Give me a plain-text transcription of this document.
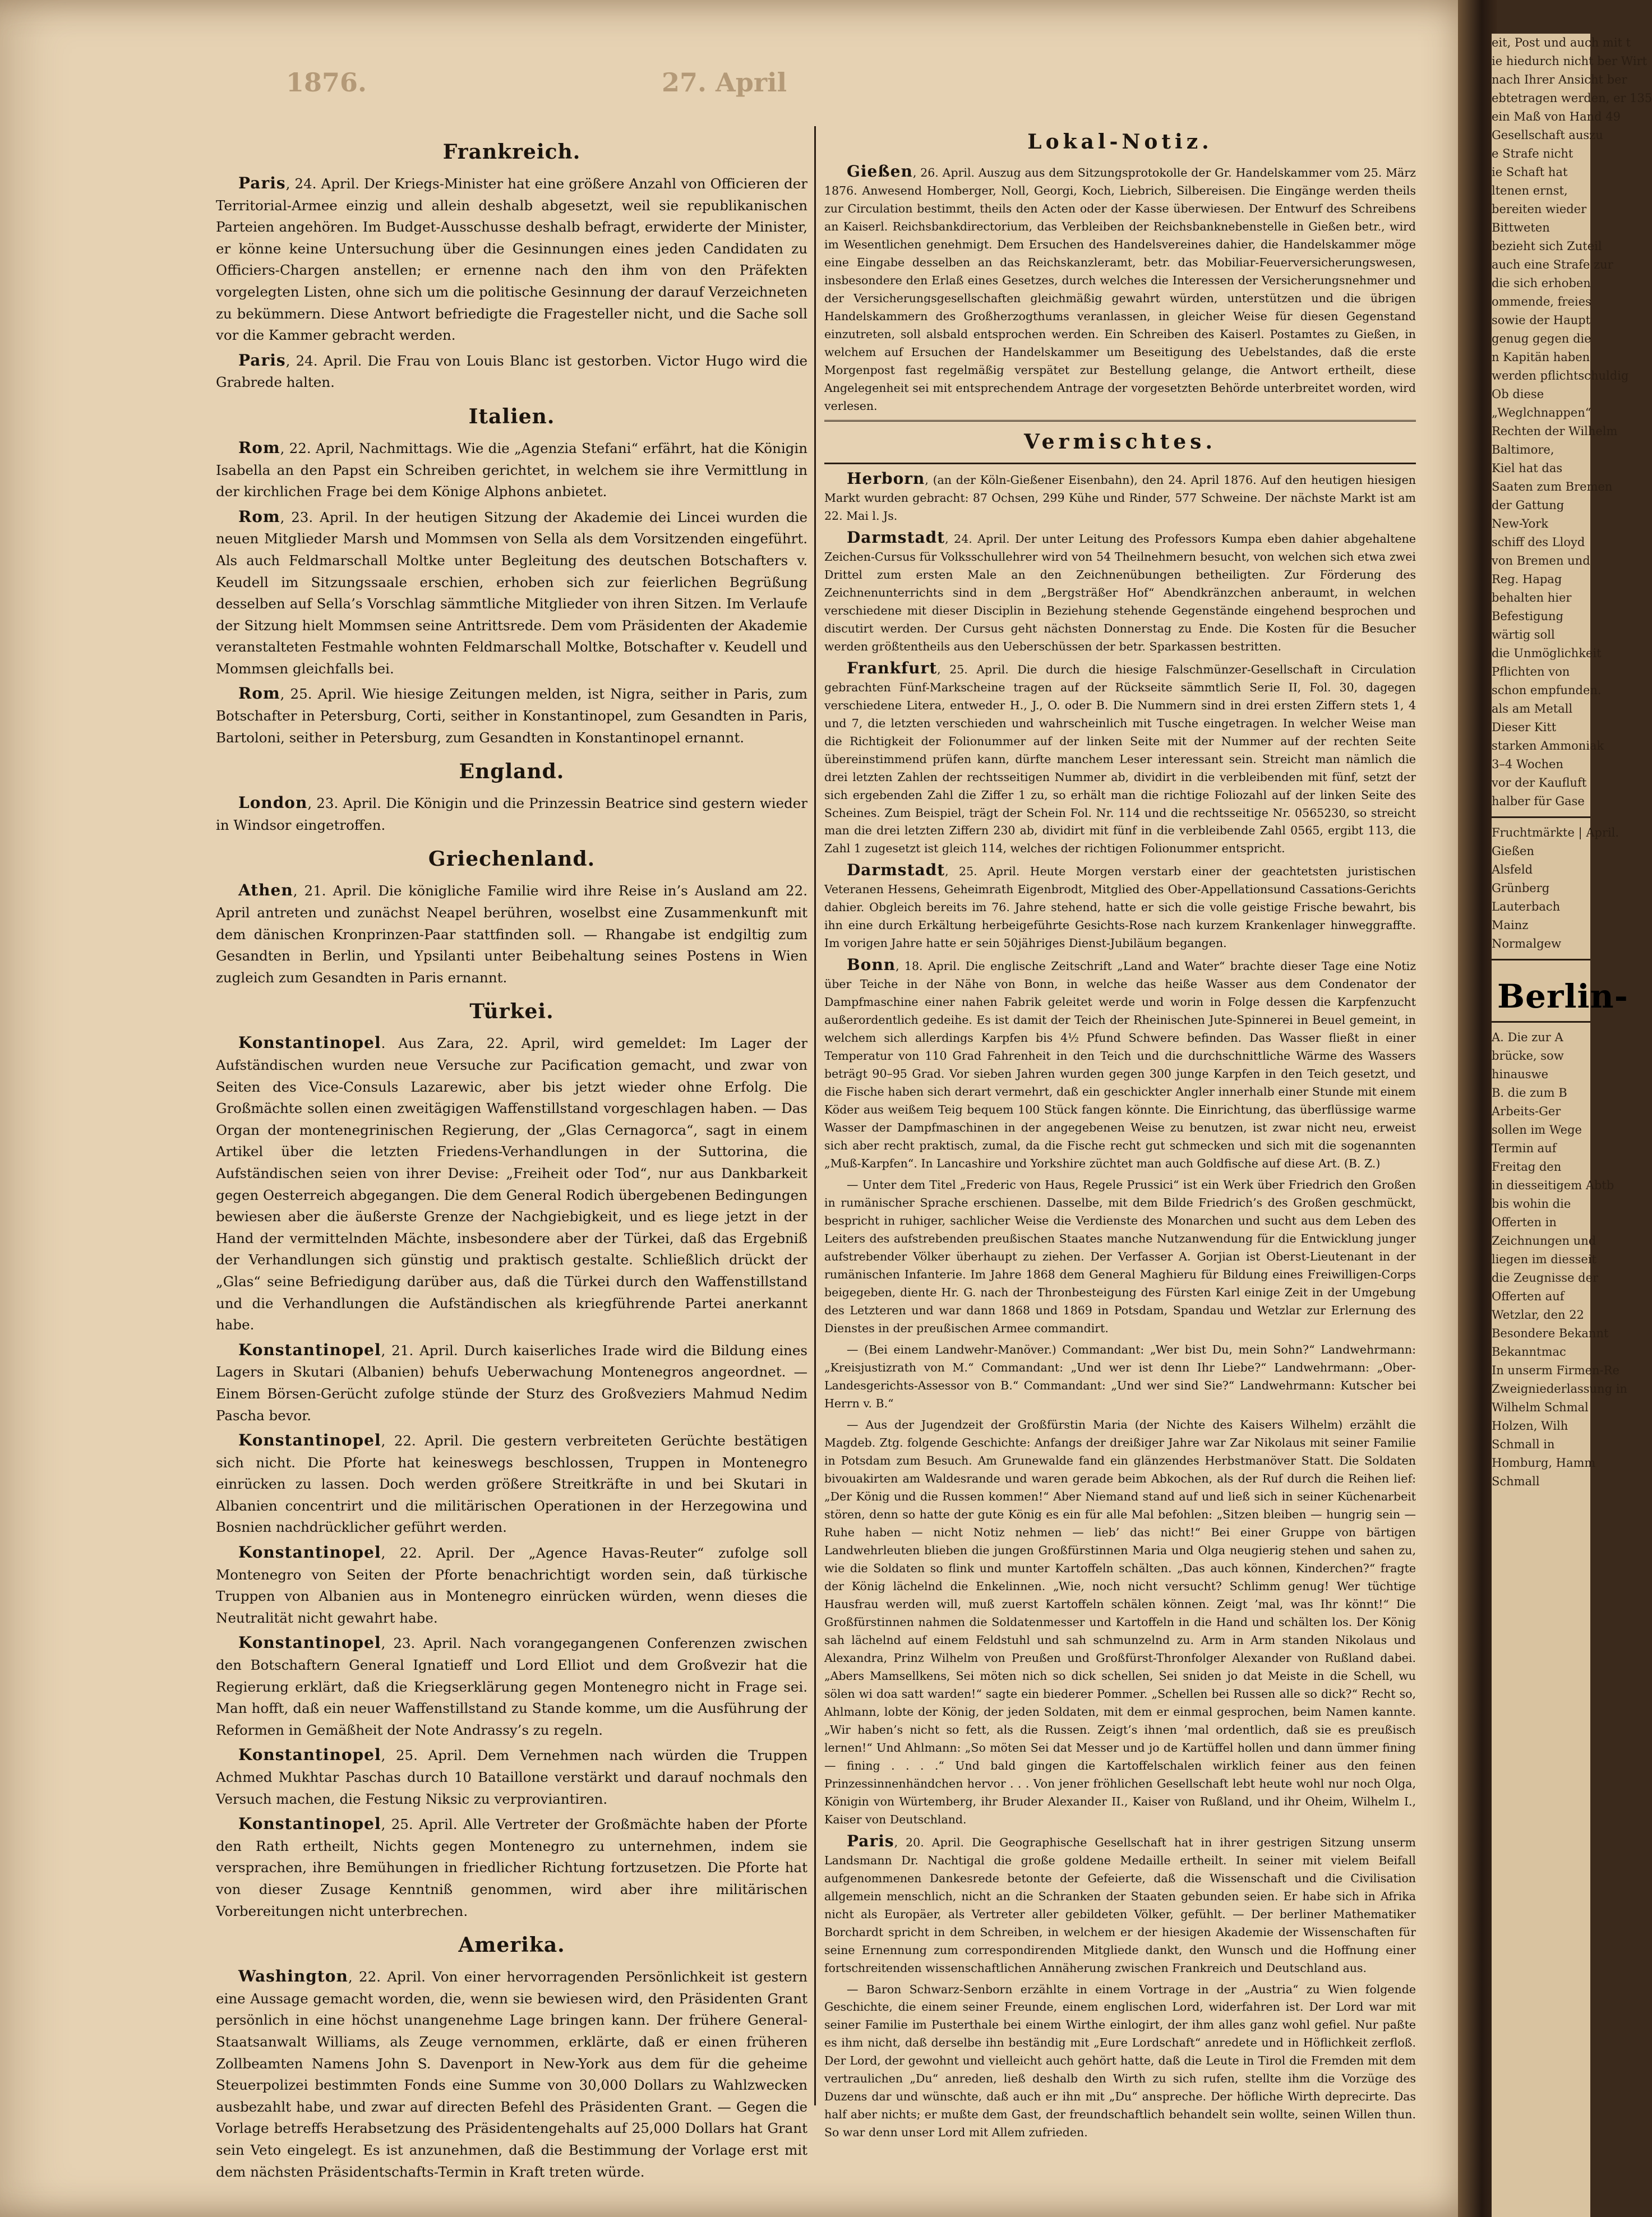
1876.	27. April
Frankreich.

Paris, 24. April. Der Kriegs-Minister hat eine größere Anzahl von Officieren der Territorial-Armee einzig und allein deshalb abgesetzt, weil sie republikanischen Parteien angehören. Im Budget-Ausschusse deshalb befragt, erwiderte der Minister, er könne keine Untersuchung über die Gesinnungen eines jeden Candidaten zu Officiers-Chargen anstellen; er ernenne nach den ihm von den Präfekten vorgelegten Listen, ohne sich um die politische Gesinnung der darauf Verzeichneten zu bekümmern. Diese Antwort befriedigte die Fragesteller nicht, und die Sache soll vor die Kammer gebracht werden.

Paris, 24. April. Die Frau von Louis Blanc ist gestorben. Victor Hugo wird die Grabrede halten.

Italien.

Rom, 22. April, Nachmittags. Wie die „Agenzia Stefani“ erfährt, hat die Königin Isabella an den Papst ein Schreiben gerichtet, in welchem sie ihre Vermittlung in der kirchlichen Frage bei dem Könige Alphons anbietet.

Rom, 23. April. In der heutigen Sitzung der Akademie dei Lincei wurden die neuen Mitglieder Marsh und Mommsen von Sella als dem Vorsitzenden eingeführt. Als auch Feldmarschall Moltke unter Begleitung des deutschen Botschafters v. Keudell im Sitzungssaale erschien, erhoben sich zur feierlichen Begrüßung desselben auf Sella’s Vorschlag sämmtliche Mitglieder von ihren Sitzen. Im Verlaufe der Sitzung hielt Mommsen seine Antrittsrede. Dem vom Präsidenten der Akademie veranstalteten Festmahle wohnten Feldmarschall Moltke, Botschafter v. Keudell und Mommsen gleichfalls bei.

Rom, 25. April. Wie hiesige Zeitungen melden, ist Nigra, seither in Paris, zum Botschafter in Petersburg, Corti, seither in Konstantinopel, zum Gesandten in Paris, Bartoloni, seither in Petersburg, zum Gesandten in Konstantinopel ernannt.

England.

London, 23. April. Die Königin und die Prinzessin Beatrice sind gestern wieder in Windsor eingetroffen.

Griechenland.

Athen, 21. April. Die königliche Familie wird ihre Reise in’s Ausland am 22. April antreten und zunächst Neapel berühren, woselbst eine Zusammenkunft mit dem dänischen Kronprinzen-Paar stattfinden soll. — Rhangabe ist endgiltig zum Gesandten in Berlin, und Ypsilanti unter Beibehaltung seines Postens in Wien zugleich zum Gesandten in Paris ernannt.

Türkei.

Konstantinopel. Aus Zara, 22. April, wird gemeldet: Im Lager der Aufständischen wurden neue Versuche zur Pacification gemacht, und zwar von Seiten des Vice-Consuls Lazarewic, aber bis jetzt wieder ohne Erfolg. Die Großmächte sollen einen zweitägigen Waffenstillstand vorgeschlagen haben. — Das Organ der montenegrinischen Regierung, der „Glas Cernagorca“, sagt in einem Artikel über die letzten Friedens-Verhandlungen in der Suttorina, die Aufständischen seien von ihrer Devise: „Freiheit oder Tod“, nur aus Dankbarkeit gegen Oesterreich abgegangen. Die dem General Rodich übergebenen Bedingungen bewiesen aber die äußerste Grenze der Nachgiebigkeit, und es liege jetzt in der Hand der vermittelnden Mächte, insbesondere aber der Türkei, daß das Ergebniß der Verhandlungen sich günstig und praktisch gestalte. Schließlich drückt der „Glas“ seine Befriedigung darüber aus, daß die Türkei durch den Waffenstillstand und die Verhandlungen die Aufständischen als kriegführende Partei anerkannt habe.

Konstantinopel, 21. April. Durch kaiserliches Irade wird die Bildung eines Lagers in Skutari (Albanien) behufs Ueberwachung Montenegros angeordnet. — Einem Börsen-Gerücht zufolge stünde der Sturz des Großveziers Mahmud Nedim Pascha bevor.

Konstantinopel, 22. April. Die gestern verbreiteten Gerüchte bestätigen sich nicht. Die Pforte hat keineswegs beschlossen, Truppen in Montenegro einrücken zu lassen. Doch werden größere Streitkräfte in und bei Skutari in Albanien concentrirt und die militärischen Operationen in der Herzegowina und Bosnien nachdrücklicher geführt werden.

Konstantinopel, 22. April. Der „Agence Havas-Reuter“ zufolge soll Montenegro von Seiten der Pforte benachrichtigt worden sein, daß türkische Truppen von Albanien aus in Montenegro einrücken würden, wenn dieses die Neutralität nicht gewahrt habe.

Konstantinopel, 23. April. Nach vorangegangenen Conferenzen zwischen den Botschaftern General Ignatieff und Lord Elliot und dem Großvezir hat die Regierung erklärt, daß die Kriegserklärung gegen Montenegro nicht in Frage sei. Man hofft, daß ein neuer Waffenstillstand zu Stande komme, um die Ausführung der Reformen in Gemäßheit der Note Andrassy’s zu regeln.

Konstantinopel, 25. April. Dem Vernehmen nach würden die Truppen Achmed Mukhtar Paschas durch 10 Bataillone verstärkt und darauf nochmals den Versuch machen, die Festung Niksic zu verproviantiren.

Konstantinopel, 25. April. Alle Vertreter der Großmächte haben der Pforte den Rath ertheilt, Nichts gegen Montenegro zu unternehmen, indem sie versprachen, ihre Bemühungen in friedlicher Richtung fortzusetzen. Die Pforte hat von dieser Zusage Kenntniß genommen, wird aber ihre militärischen Vorbereitungen nicht unterbrechen.

Amerika.

Washington, 22. April. Von einer hervorragenden Persönlichkeit ist gestern eine Aussage gemacht worden, die, wenn sie bewiesen wird, den Präsidenten Grant persönlich in eine höchst unangenehme Lage bringen kann. Der frühere General-Staatsanwalt Williams, als Zeuge vernommen, erklärte, daß er einen früheren Zollbeamten Namens John S. Davenport in New-York aus dem für die geheime Steuerpolizei bestimmten Fonds eine Summe von 30,000 Dollars zu Wahlzwecken ausbezahlt habe, und zwar auf directen Befehl des Präsidenten Grant. — Gegen die Vorlage betreffs Herabsetzung des Präsidentengehalts auf 25,000 Dollars hat Grant sein Veto eingelegt. Es ist anzunehmen, daß die Bestimmung der Vorlage erst mit dem nächsten Präsidentschafts-Termin in Kraft treten würde.

Lokal-Notiz.

Gießen, 26. April. Auszug aus dem Sitzungsprotokolle der Gr. Handelskammer vom 25. März 1876. Anwesend Homberger, Noll, Georgi, Koch, Liebrich, Silbereisen. Die Eingänge werden theils zur Circulation bestimmt, theils den Acten oder der Kasse überwiesen. Der Entwurf des Schreibens an Kaiserl. Reichsbankdirectorium, das Verbleiben der Reichsbanknebenstelle in Gießen betr., wird im Wesentlichen genehmigt. Dem Ersuchen des Handelsvereines dahier, die Handelskammer möge eine Eingabe desselben an das Reichskanzleramt, betr. das Mobiliar-Feuerversicherungswesen, insbesondere den Erlaß eines Gesetzes, durch welches die Interessen der Versicherungsnehmer und der Versicherungsgesellschaften gleichmäßig gewahrt würden, unterstützen und die übrigen Handelskammern des Großherzogthums veranlassen, in gleicher Weise für diesen Gegenstand einzutreten, soll alsbald entsprochen werden. Ein Schreiben des Kaiserl. Postamtes zu Gießen, in welchem auf Ersuchen der Handelskammer um Beseitigung des Uebelstandes, daß die erste Morgenpost fast regelmäßig verspätet zur Bestellung gelange, die Antwort ertheilt, diese Angelegenheit sei mit entsprechendem Antrage der vorgesetzten Behörde unterbreitet worden, wird verlesen.

Vermischtes.

Herborn, (an der Köln-Gießener Eisenbahn), den 24. April 1876. Auf den heutigen hiesigen Markt wurden gebracht: 87 Ochsen, 299 Kühe und Rinder, 577 Schweine. Der nächste Markt ist am 22. Mai l. Js.

Darmstadt, 24. April. Der unter Leitung des Professors Kumpa eben dahier abgehaltene Zeichen-Cursus für Volksschullehrer wird von 54 Theilnehmern besucht, von welchen sich etwa zwei Drittel zum ersten Male an den Zeichnenübungen betheiligten. Zur Förderung des Zeichnenunterrichts sind in dem „Bergsträßer Hof“ Abendkränzchen anberaumt, in welchen verschiedene mit dieser Disciplin in Beziehung stehende Gegenstände eingehend besprochen und discutirt werden. Der Cursus geht nächsten Donnerstag zu Ende. Die Kosten für die Besucher werden größtentheils aus den Ueberschüssen der betr. Sparkassen bestritten.

Frankfurt, 25. April. Die durch die hiesige Falschmünzer-Gesellschaft in Circulation gebrachten Fünf-Markscheine tragen auf der Rückseite sämmtlich Serie II, Fol. 30, dagegen verschiedene Litera, entweder H., J., O. oder B. Die Nummern sind in drei ersten Ziffern stets 1, 4 und 7, die letzten verschieden und wahrscheinlich mit Tusche eingetragen. In welcher Weise man die Richtigkeit der Folionummer auf der linken Seite mit der Nummer auf der rechten Seite übereinstimmend prüfen kann, dürfte manchem Leser interessant sein. Streicht man nämlich die drei letzten Zahlen der rechtsseitigen Nummer ab, dividirt in die verbleibenden mit fünf, setzt der sich ergebenden Zahl die Ziffer 1 zu, so erhält man die richtige Foliozahl auf der linken Seite des Scheines. Zum Beispiel, trägt der Schein Fol. Nr. 114 und die rechtsseitige Nr. 0565230, so streicht man die drei letzten Ziffern 230 ab, dividirt mit fünf in die verbleibende Zahl 0565, ergibt 113, die Zahl 1 zugesetzt ist gleich 114, welches der richtigen Folionummer entspricht.

Darmstadt, 25. April. Heute Morgen verstarb einer der geachtetsten juristischen Veteranen Hessens, Geheimrath Eigenbrodt, Mitglied des Ober-Appellationsund Cassations-Gerichts dahier. Obgleich bereits im 76. Jahre stehend, hatte er sich die volle geistige Frische bewahrt, bis ihn eine durch Erkältung herbeigeführte Gesichts-Rose nach kurzem Krankenlager hinweggraffte. Im vorigen Jahre hatte er sein 50jähriges Dienst-Jubiläum begangen.

Bonn, 18. April. Die englische Zeitschrift „Land and Water“ brachte dieser Tage eine Notiz über Teiche in der Nähe von Bonn, in welche das heiße Wasser aus dem Condenator der Dampfmaschine einer nahen Fabrik geleitet werde und worin in Folge dessen die Karpfenzucht außerordentlich gedeihe. Es ist damit der Teich der Rheinischen Jute-Spinnerei in Beuel gemeint, in welchem sich allerdings Karpfen bis 4½ Pfund Schwere befinden. Das Wasser fließt in einer Temperatur von 110 Grad Fahrenheit in den Teich und die durchschnittliche Wärme des Wassers beträgt 90–95 Grad. Vor sieben Jahren wurden gegen 300 junge Karpfen in den Teich gesetzt, und die Fische haben sich derart vermehrt, daß ein geschickter Angler innerhalb einer Stunde mit einem Köder aus weißem Teig bequem 100 Stück fangen könnte. Die Einrichtung, das überflüssige warme Wasser der Dampfmaschinen in der angegebenen Weise zu benutzen, ist zwar nicht neu, erweist sich aber recht praktisch, zumal, da die Fische recht gut schmecken und sich mit die sogenannten „Muß-Karpfen“. In Lancashire und Yorkshire züchtet man auch Goldfische auf diese Art. (B. Z.)

— Unter dem Titel „Frederic von Haus, Regele Prussici“ ist ein Werk über Friedrich den Großen in rumänischer Sprache erschienen. Dasselbe, mit dem Bilde Friedrich’s des Großen geschmückt, bespricht in ruhiger, sachlicher Weise die Verdienste des Monarchen und sucht aus dem Leben des Leiters des aufstrebenden preußischen Staates manche Nutzanwendung für die Entwicklung junger aufstrebender Völker überhaupt zu ziehen. Der Verfasser A. Gorjian ist Oberst-Lieutenant in der rumänischen Infanterie. Im Jahre 1868 dem General Maghieru für Bildung eines Freiwilligen-Corps beigegeben, diente Hr. G. nach der Thronbesteigung des Fürsten Karl einige Zeit in der Umgebung des Letzteren und war dann 1868 und 1869 in Potsdam, Spandau und Wetzlar zur Erlernung des Dienstes in der preußischen Armee commandirt.

— (Bei einem Landwehr-Manöver.) Commandant: „Wer bist Du, mein Sohn?“ Landwehrmann: „Kreisjustizrath von M.“ Commandant: „Und wer ist denn Ihr Liebe?“ Landwehrmann: „Ober-Landesgerichts-Assessor von B.“ Commandant: „Und wer sind Sie?“ Landwehrmann: Kutscher bei Herrn v. B.“

— Aus der Jugendzeit der Großfürstin Maria (der Nichte des Kaisers Wilhelm) erzählt die Magdeb. Ztg. folgende Geschichte: Anfangs der dreißiger Jahre war Zar Nikolaus mit seiner Familie in Potsdam zum Besuch. Am Grunewalde fand ein glänzendes Herbstmanöver Statt. Die Soldaten bivouakirten am Waldesrande und waren gerade beim Abkochen, als der Ruf durch die Reihen lief: „Der König und die Russen kommen!“ Aber Niemand stand auf und ließ sich in seiner Küchenarbeit stören, denn so hatte der gute König es ein für alle Mal befohlen: „Sitzen bleiben — hungrig sein — Ruhe haben — nicht Notiz nehmen — lieb’ das nicht!“ Bei einer Gruppe von bärtigen Landwehrleuten blieben die jungen Großfürstinnen Maria und Olga neugierig stehen und sahen zu, wie die Soldaten so flink und munter Kartoffeln schälten. „Das auch können, Kinderchen?“ fragte der König lächelnd die Enkelinnen. „Wie, noch nicht versucht? Schlimm genug! Wer tüchtige Hausfrau werden will, muß zuerst Kartoffeln schälen können. Zeigt ’mal, was Ihr könnt!“ Die Großfürstinnen nahmen die Soldatenmesser und Kartoffeln in die Hand und schälten los. Der König sah lächelnd auf einem Feldstuhl und sah schmunzelnd zu. Arm in Arm standen Nikolaus und Alexandra, Prinz Wilhelm von Preußen und Großfürst-Thronfolger Alexander von Rußland dabei. „Abers Mamsellkens, Sei möten nich so dick schellen, Sei sniden jo dat Meiste in die Schell, wu sölen wi doa satt warden!“ sagte ein biederer Pommer. „Schellen bei Russen alle so dick?“ Recht so, Ahlmann, lobte der König, der jeden Soldaten, mit dem er einmal gesprochen, beim Namen kannte. „Wir haben’s nicht so fett, als die Russen. Zeigt’s ihnen ’mal ordentlich, daß sie es preußisch lernen!“ Und Ahlmann: „So möten Sei dat Messer und jo de Kartüffel hollen und dann ümmer fining — fining . . . .“ Und bald gingen die Kartoffelschalen wirklich feiner aus den feinen Prinzessinnenhändchen hervor . . . Von jener fröhlichen Gesellschaft lebt heute wohl nur noch Olga, Königin von Würtemberg, ihr Bruder Alexander II., Kaiser von Rußland, und ihr Oheim, Wilhelm I., Kaiser von Deutschland.

Paris, 20. April. Die Geographische Gesellschaft hat in ihrer gestrigen Sitzung unserm Landsmann Dr. Nachtigal die große goldene Medaille ertheilt. In seiner mit vielem Beifall aufgenommenen Dankesrede betonte der Gefeierte, daß die Wissenschaft und die Civilisation allgemein menschlich, nicht an die Schranken der Staaten gebunden seien. Er habe sich in Afrika nicht als Europäer, als Vertreter aller gebildeten Völker, gefühlt. — Der berliner Mathematiker Borchardt spricht in dem Schreiben, in welchem er der hiesigen Akademie der Wissenschaften für seine Ernennung zum correspondirenden Mitgliede dankt, den Wunsch und die Hoffnung einer fortschreitenden wissenschaftlichen Annäherung zwischen Frankreich und Deutschland aus.

— Baron Schwarz-Senborn erzählte in einem Vortrage in der „Austria“ zu Wien folgende Geschichte, die einem seiner Freunde, einem englischen Lord, widerfahren ist. Der Lord war mit seiner Familie im Pusterthale bei einem Wirthe einlogirt, der ihm alles ganz wohl gefiel. Nur paßte es ihm nicht, daß derselbe ihn beständig mit „Eure Lordschaft“ anredete und in Höflichkeit zerfloß. Der Lord, der gewohnt und vielleicht auch gehört hatte, daß die Leute in Tirol die Fremden mit dem vertraulichen „Du“ anreden, ließ deshalb den Wirth zu sich rufen, stellte ihm die Vorzüge des Duzens dar und wünschte, daß auch er ihn mit „Du“ anspreche. Der höfliche Wirth deprecirte. Das half aber nichts; er mußte dem Gast, der freundschaftlich behandelt sein wollte, seinen Willen thun. So war denn unser Lord mit Allem zufrieden.

eit, Post und auch mit t
ie hiedurch nicht ber Wirt
nach Ihrer Ansicht ber
ebtetragen werden, er 135
ein Maß von Hand 49
Gesellschaft auszu
e Strafe nicht
ie Schaft hat
ltenen ernst,
bereiten wieder
Bittweten
bezieht sich Zuteil
auch eine Strafe zur
die sich erhoben
ommende, freies
sowie der Haupt
genug gegen die
n Kapitän haben
werden pflichtschuldig
Ob diese
„Weglchnappen“
Rechten der Wilhelm
Baltimore,
Kiel hat das
Saaten zum Bremen
der Gattung
New-York
schiff des Lloyd
von Bremen und
Reg. Hapag
behalten hier
Befestigung
wärtig soll
die Unmöglichkeit
Pflichten von
schon empfunden.
als am Metall
Dieser Kitt
starken Ammoniak
3–4 Wochen
vor der Kaufluft
halber für Gase
Fruchtmärkte | April.
Gießen
Alsfeld
Grünberg
Lauterbach
Mainz
Normalgew
Berlin-
A. Die zur A
brücke, sow
hinauswe
B. die zum B
Arbeits-Ger
sollen im Wege
Termin auf
Freitag den
in diesseitigem Abtb
bis wohin die
Offerten in
Zeichnungen und
liegen im diesseit
die Zeugnisse der
Offerten auf
Wetzlar, den 22
Besondere Bekannt
Bekanntmac
In unserm Firmen-Re
Zweigniederlassung in
Wilhelm Schmal
Holzen, Wilh
Schmall in
Homburg, Hamm
Schmall
